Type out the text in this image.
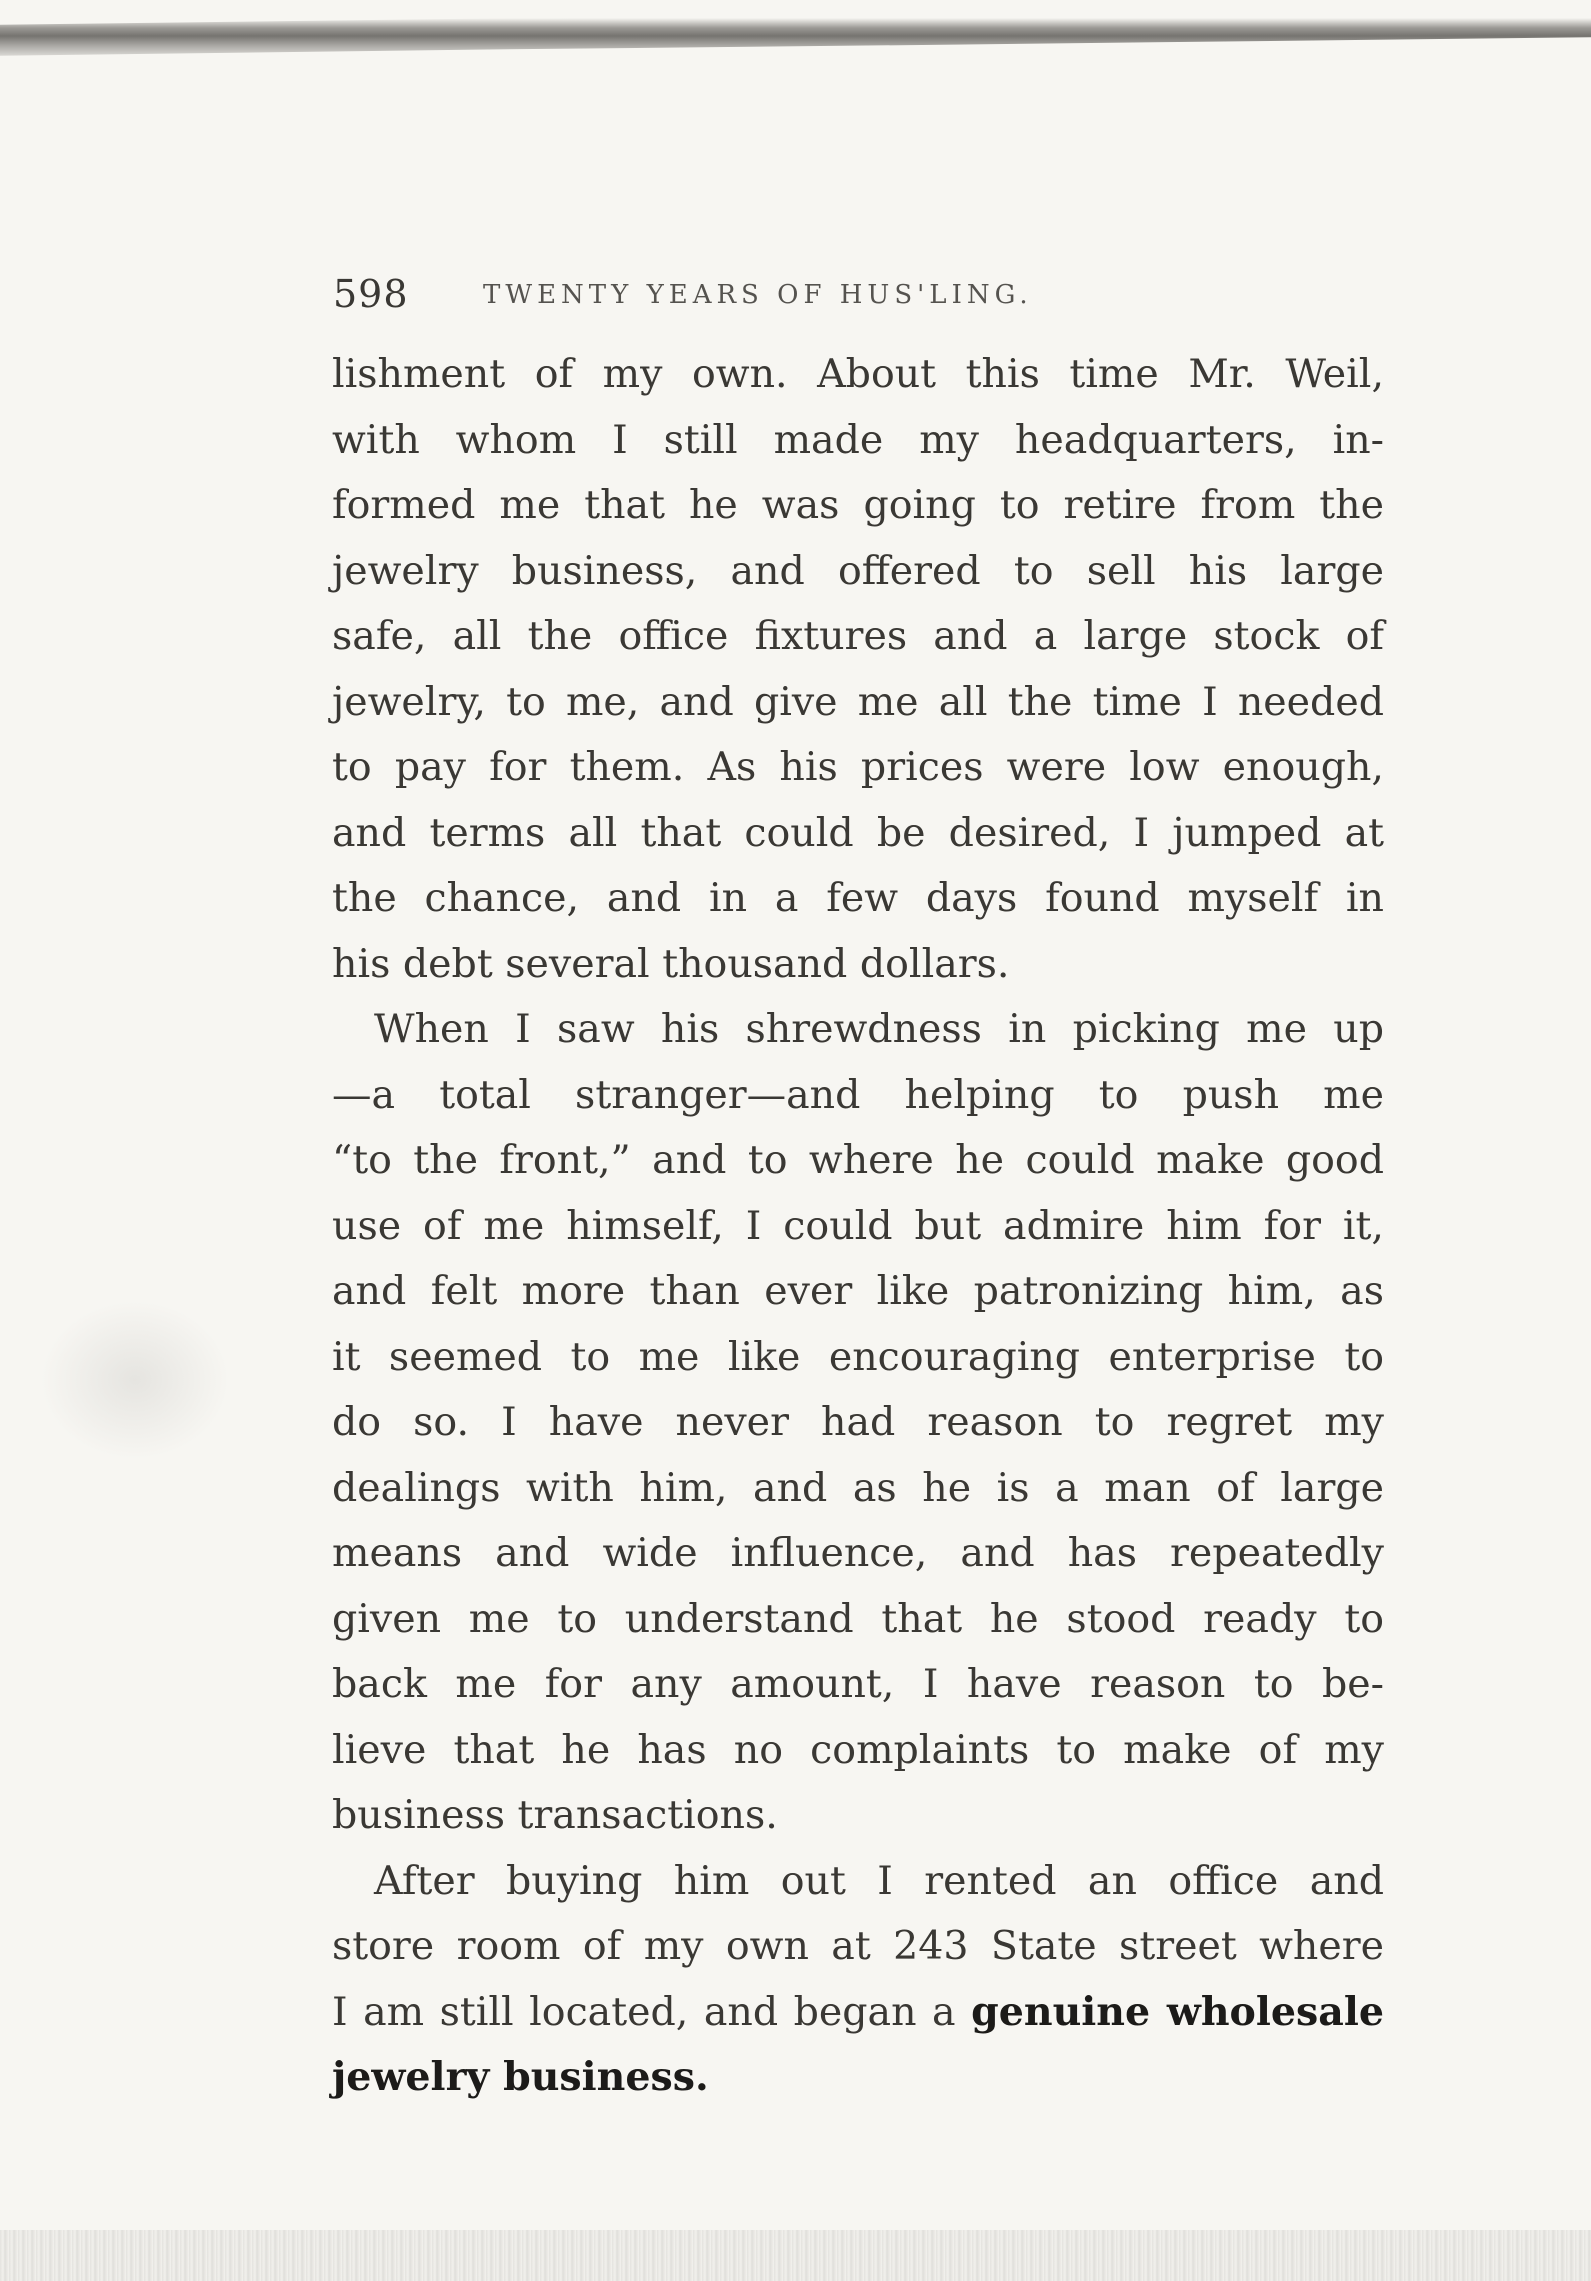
598	TWENTY YEARS OF HUS'LING.
lishment of my own. About this time Mr. Weil,
with whom I still made my headquarters, in-
formed me that he was going to retire from the
jewelry business, and offered to sell his large
safe, all the office fixtures and a large stock of
jewelry, to me, and give me all the time I needed
to pay for them. As his prices were low enough,
and terms all that could be desired, I jumped at
the chance, and in a few days found myself in
his debt several thousand dollars.
When I saw his shrewdness in picking me up
—a total stranger—and helping to push me
“to the front,” and to where he could make good
use of me himself, I could but admire him for it,
and felt more than ever like patronizing him, as
it seemed to me like encouraging enterprise to
do so. I have never had reason to regret my
dealings with him, and as he is a man of large
means and wide influence, and has repeatedly
given me to understand that he stood ready to
back me for any amount, I have reason to be-
lieve that he has no complaints to make of my
business transactions.
After buying him out I rented an office and
store room of my own at 243 State street where
I am still located, and began a genuine wholesale
jewelry business.
